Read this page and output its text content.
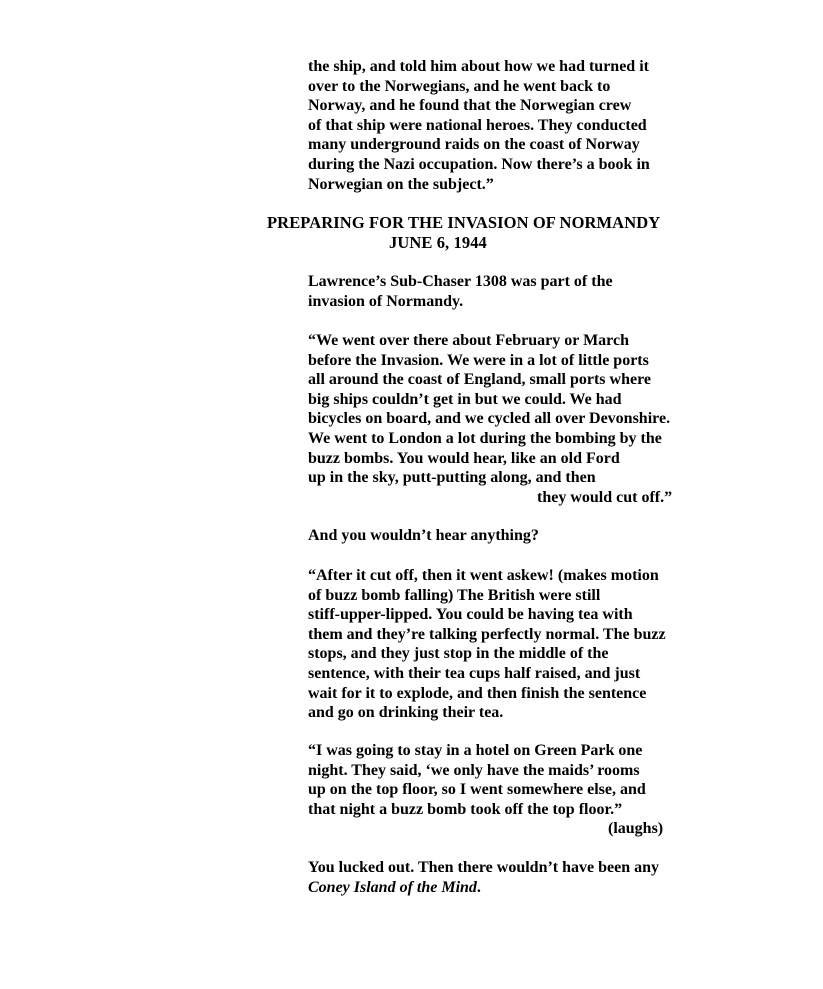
the ship, and told him about how we had turned it
over to the Norwegians, and he went back to
Norway, and he found that the Norwegian crew
of that ship were national heroes. They conducted
many underground raids on the coast of Norway
during the Nazi occupation. Now there’s a book in
Norwegian on the subject.”
PREPARING FOR THE INVASION OF NORMANDY
JUNE 6, 1944
Lawrence’s Sub-Chaser 1308 was part of the
invasion of Normandy.
“We went over there about February or March
before the Invasion. We were in a lot of little ports
all around the coast of England, small ports where
big ships couldn’t get in but we could. We had
bicycles on board, and we cycled all over Devonshire.
We went to London a lot during the bombing by the
buzz bombs. You would hear, like an old Ford
up in the sky, putt-putting along, and then
they would cut off.”
And you wouldn’t hear anything?
“After it cut off, then it went askew! (makes motion
of buzz bomb falling) The British were still
stiff-upper-lipped. You could be having tea with
them and they’re talking perfectly normal. The buzz
stops, and they just stop in the middle of the
sentence, with their tea cups half raised, and just
wait for it to explode, and then finish the sentence
and go on drinking their tea.
“I was going to stay in a hotel on Green Park one
night. They said, ‘we only have the maids’ rooms
up on the top floor, so I went somewhere else, and
that night a buzz bomb took off the top floor.”
(laughs)
You lucked out. Then there wouldn’t have been any
Coney Island of the Mind.
